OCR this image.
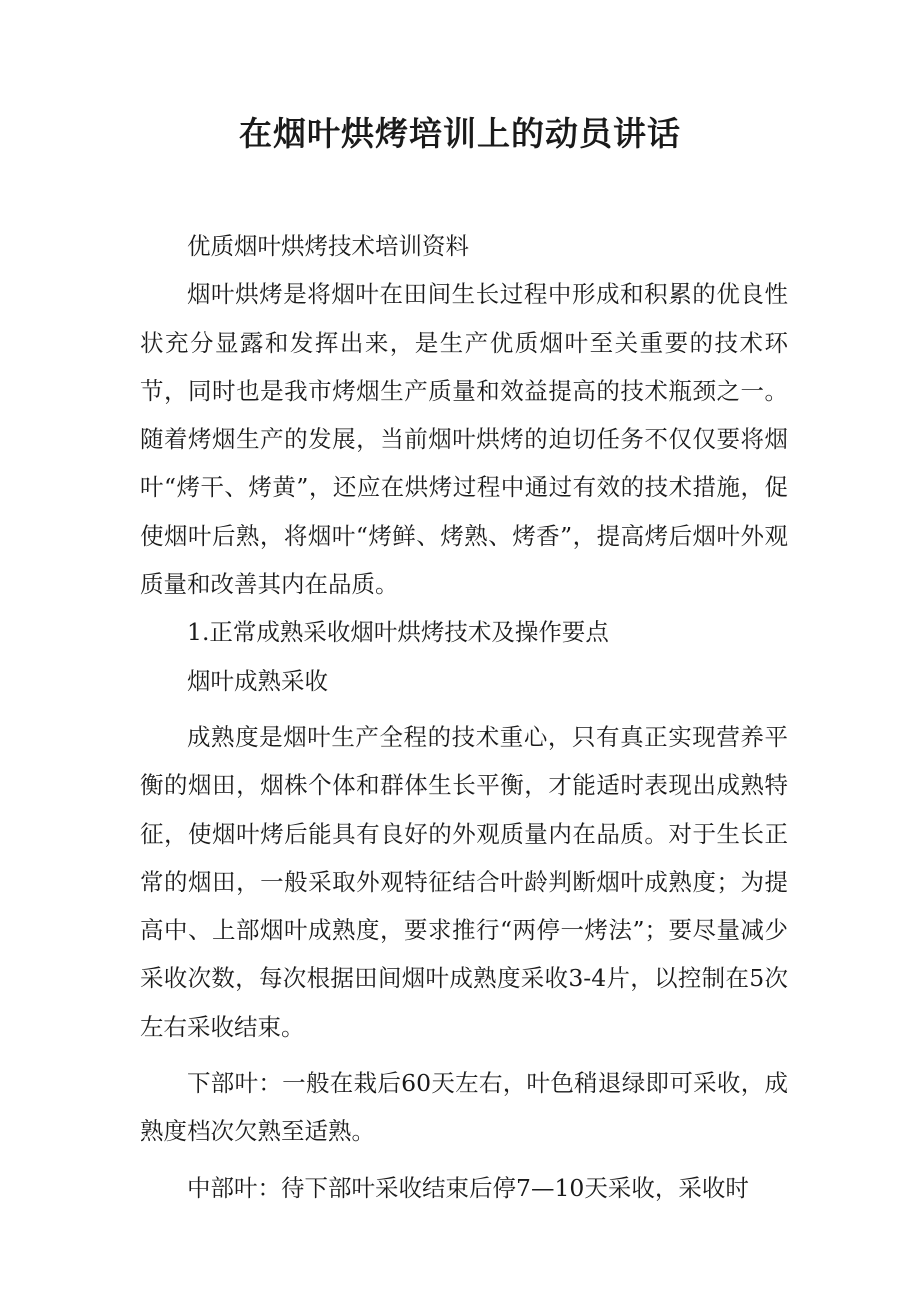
在烟叶烘烤培训上的动员讲话

优质烟叶烘烤技术培训资料

烟叶烘烤是将烟叶在田间生长过程中形成和积累的优良性状充分显露和发挥出来，是生产优质烟叶至关重要的技术环节，同时也是我市烤烟生产质量和效益提高的技术瓶颈之一。随着烤烟生产的发展，当前烟叶烘烤的迫切任务不仅仅要将烟叶“烤干、烤黄”，还应在烘烤过程中通过有效的技术措施，促使烟叶后熟，将烟叶“烤鲜、烤熟、烤香”，提高烤后烟叶外观质量和改善其内在品质。

1.正常成熟采收烟叶烘烤技术及操作要点

烟叶成熟采收

成熟度是烟叶生产全程的技术重心，只有真正实现营养平衡的烟田，烟株个体和群体生长平衡，才能适时表现出成熟特征，使烟叶烤后能具有良好的外观质量内在品质。对于生长正常的烟田，一般采取外观特征结合叶龄判断烟叶成熟度；为提高中、上部烟叶成熟度，要求推行“两停一烤法”；要尽量减少采收次数，每次根据田间烟叶成熟度采收3-4片，以控制在5次左右采收结束。

下部叶：一般在栽后60天左右，叶色稍退绿即可采收，成熟度档次欠熟至适熟。

中部叶：待下部叶采收结束后停7—10天采收，采收时
